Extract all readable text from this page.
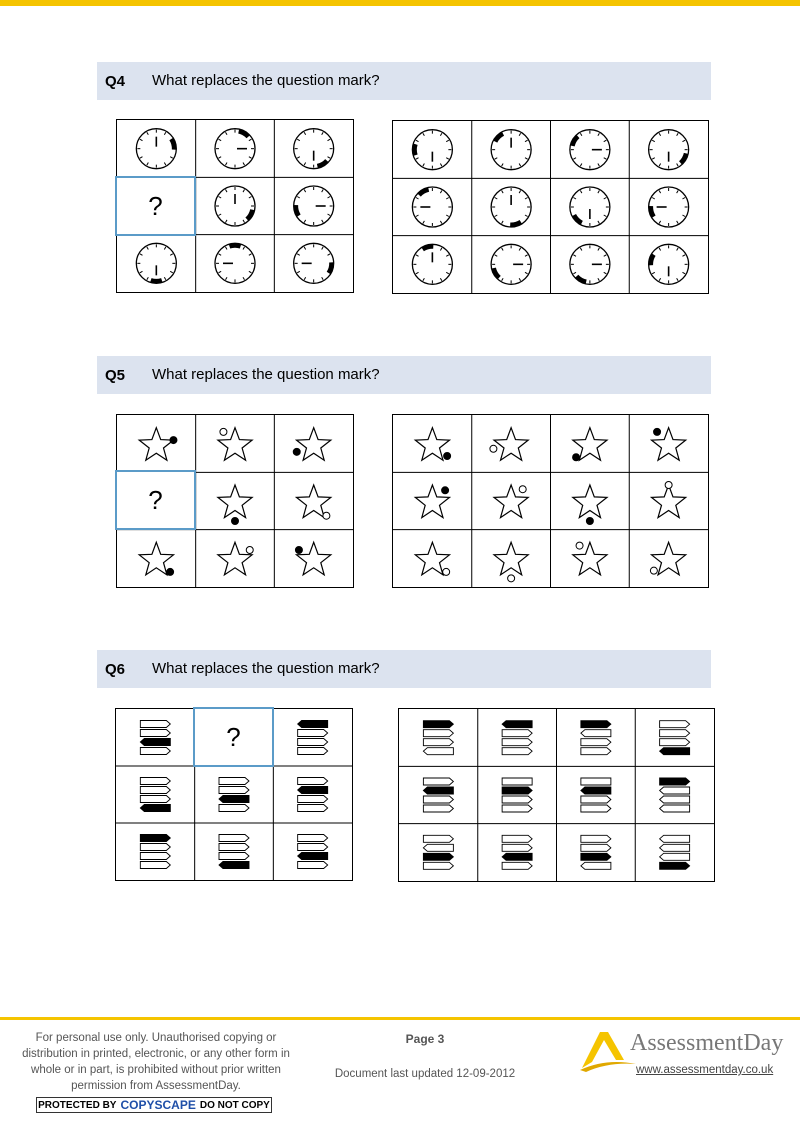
Q4 What replaces the question mark?
?
Q5 What replaces the question mark?
?
Q6 What replaces the question mark?
?
For personal use only. Unauthorised copying or distribution in printed, electronic, or any other form in whole or in part, is prohibited without prior written permission from AssessmentDay.
PROTECTED BY COPYSCAPE DO NOT COPY
Page 3
Document last updated 12-09-2012
AssessmentDay
www.assessmentday.co.uk
